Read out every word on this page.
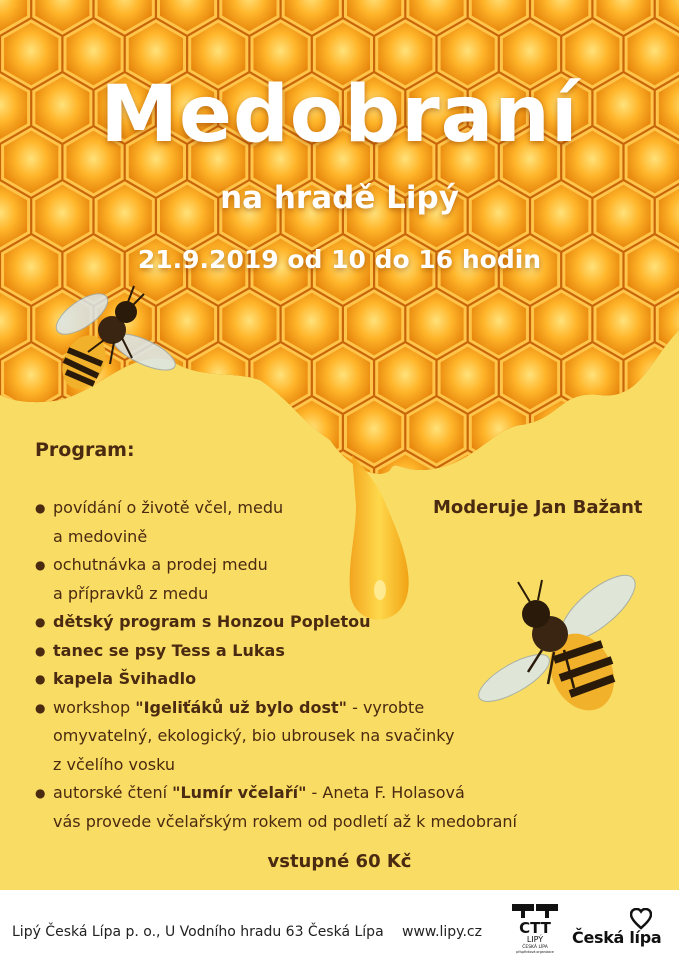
Medobraní
na hradě Lipý
21.9.2019 od 10 do 16 hodin
Program:
● povídání o životě včel, medu
a medovině
● ochutnávka a prodej medu
a přípravků z medu
● dětský program s Honzou Popletou
● tanec se psy Tess a Lukas
● kapela Švihadlo
● workshop "Igeliťáků už bylo dost" - vyrobte
omyvatelný, ekologický, bio ubrousek na svačinky
z včelího vosku
● autorské čtení "Lumír včelaří" - Aneta F. Holasová
vás provede včelařským rokem od podletí až k medobraní
Moderuje Jan Bažant
vstupné 60 Kč
Lipý Česká Lípa p. o., U Vodního hradu 63 Česká Lípa www.lipy.cz CTT
LIPÝ
ČESKÁ LÍPA
příspěvková organizace
Česká lípa
